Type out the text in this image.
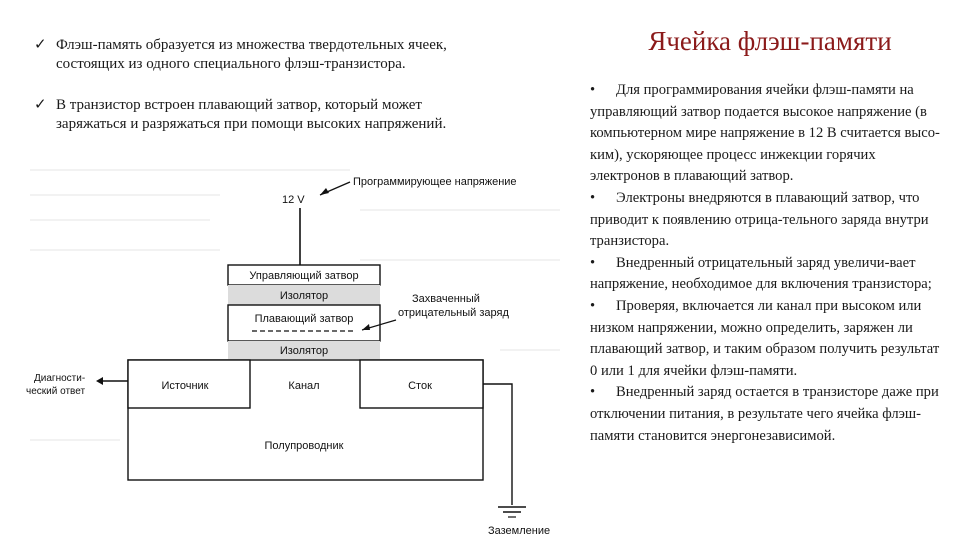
✓ Флэш-память образуется из множества твердотельных ячеек,
состоящих из одного специального флэш-транзистора.
✓ В транзистор встроен плавающий затвор, который может
заряжаться и разряжаться при помощи высоких напряжений.
Ячейка флэш-памяти
• Для программирования ячейки флэш-памяти на управляющий затвор подается высокое напряжение (в компьютерном мире напряжение в 12 В считается высо-ким), ускоряющее процесс инжекции горячих электронов в плавающий затвор.
• Электроны внедряются в плавающий затвор, что приводит к появлению отрица-тельного заряда внутри транзистора.
• Внедренный отрицательный заряд увеличи-вает напряжение, необходимое для включения транзистора;
• Проверяя, включается ли канал при высоком или низком напряжении, можно определить, заряжен ли плавающий затвор, и таким образом получить результат 0 или 1 для ячейки флэш-памяти.
• Внедренный заряд остается в транзисторе даже при отключении питания, в результате чего ячейка флэш-памяти становится энергонезависимой.
12 V
Программирующее напряжение
Управляющий затвор
Изолятор
Плавающий затвор
Изолятор
Захваченный
отрицательный заряд
Источник	Канал	Сток
Полупроводник
Диагности-
ческий ответ
Заземление
